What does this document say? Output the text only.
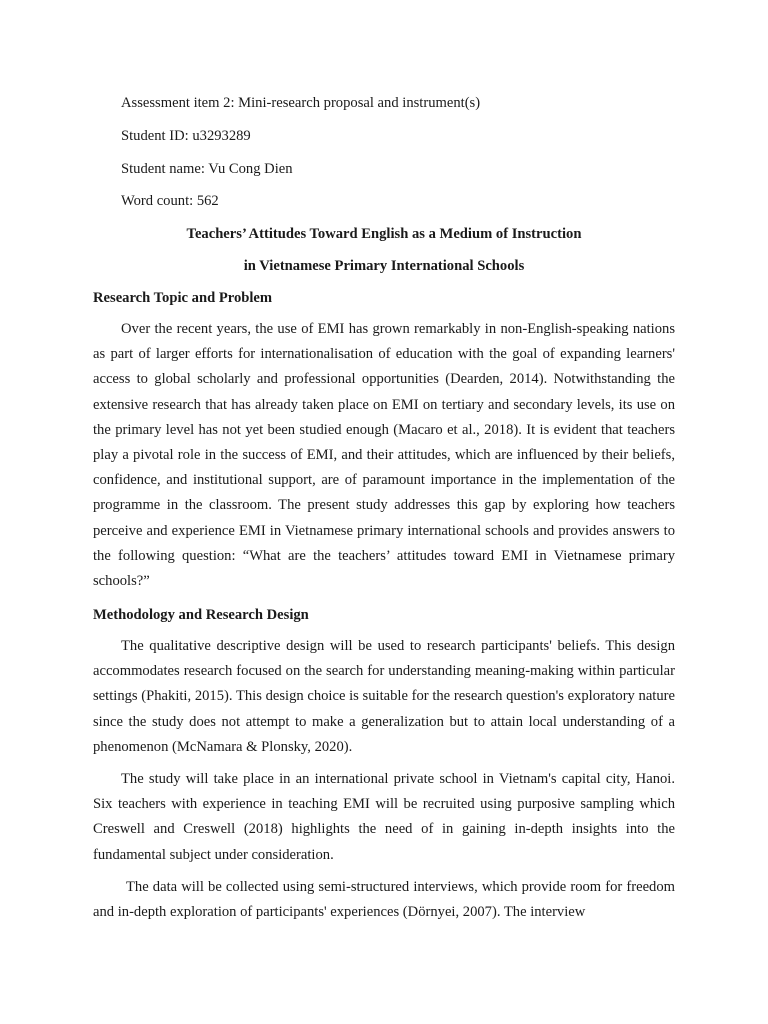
Assessment item 2: Mini-research proposal and instrument(s)
Student ID: u3293289
Student name: Vu Cong Dien
Word count: 562
Teachers’ Attitudes Toward English as a Medium of Instruction
in Vietnamese Primary International Schools
Research Topic and Problem

Over the recent years, the use of EMI has grown remarkably in non-English-speaking nations as part of larger efforts for internationalisation of education with the goal of expanding learners' access to global scholarly and professional opportunities (Dearden, 2014). Notwithstanding the extensive research that has already taken place on EMI on tertiary and secondary levels, its use on the primary level has not yet been studied enough (Macaro et al., 2018). It is evident that teachers play a pivotal role in the success of EMI, and their attitudes, which are influenced by their beliefs, confidence, and institutional support, are of paramount importance in the implementation of the programme in the classroom. The present study addresses this gap by exploring how teachers perceive and experience EMI in Vietnamese primary international schools and provides answers to the following question: “What are the teachers’ attitudes toward EMI in Vietnamese primary schools?”

Methodology and Research Design

The qualitative descriptive design will be used to research participants' beliefs. This design accommodates research focused on the search for understanding meaning-making within particular settings (Phakiti, 2015). This design choice is suitable for the research question's exploratory nature since the study does not attempt to make a generalization but to attain local understanding of a phenomenon (McNamara & Plonsky, 2020).

The study will take place in an international private school in Vietnam's capital city, Hanoi. Six teachers with experience in teaching EMI will be recruited using purposive sampling which Creswell and Creswell (2018) highlights the need of in gaining in-depth insights into the fundamental subject under consideration.

The data will be collected using semi-structured interviews, which provide room for freedom and in-depth exploration of participants' experiences (Dörnyei, 2007). The interview
